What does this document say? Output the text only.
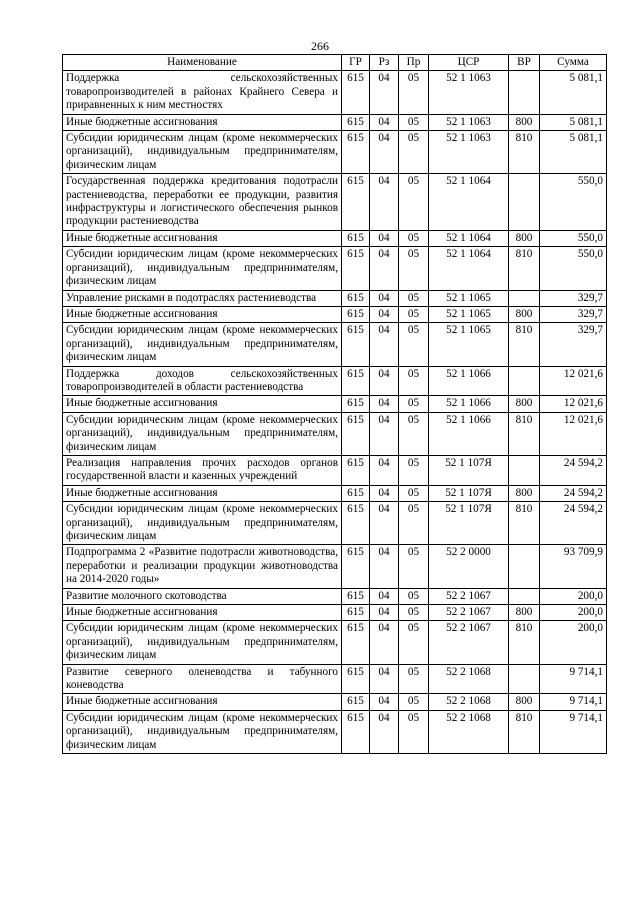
266
Наименование	ГР	Рз	Пр	ЦСР	ВР	Сумма
Поддержка сельскохозяйственных товаропроизводителей в районах Крайнего Севера и приравненных к ним местностях	615	04	05	52 1 1063		5 081,1
Иные бюджетные ассигнования	615	04	05	52 1 1063	800	5 081,1
Субсидии юридическим лицам (кроме некоммерческих организаций), индивидуальным предпринимателям, физическим лицам	615	04	05	52 1 1063	810	5 081,1
Государственная поддержка кредитования подотрасли растениеводства, переработки ее продукции, развития инфраструктуры и логистического обеспечения рынков продукции растениеводства	615	04	05	52 1 1064		550,0
Иные бюджетные ассигнования	615	04	05	52 1 1064	800	550,0
Субсидии юридическим лицам (кроме некоммерческих организаций), индивидуальным предпринимателям, физическим лицам	615	04	05	52 1 1064	810	550,0
Управление рисками в подотраслях растениеводства	615	04	05	52 1 1065		329,7
Иные бюджетные ассигнования	615	04	05	52 1 1065	800	329,7
Субсидии юридическим лицам (кроме некоммерческих организаций), индивидуальным предпринимателям, физическим лицам	615	04	05	52 1 1065	810	329,7
Поддержка доходов сельскохозяйственных товаропроизводителей в области растениеводства	615	04	05	52 1 1066		12 021,6
Иные бюджетные ассигнования	615	04	05	52 1 1066	800	12 021,6
Субсидии юридическим лицам (кроме некоммерческих организаций), индивидуальным предпринимателям, физическим лицам	615	04	05	52 1 1066	810	12 021,6
Реализация направления прочих расходов органов государственной власти и казенных учреждений	615	04	05	52 1 107Я		24 594,2
Иные бюджетные ассигнования	615	04	05	52 1 107Я	800	24 594,2
Субсидии юридическим лицам (кроме некоммерческих организаций), индивидуальным предпринимателям, физическим лицам	615	04	05	52 1 107Я	810	24 594,2
Подпрограмма 2 «Развитие подотрасли животноводства, переработки и реализации продукции животноводства на 2014-2020 годы»	615	04	05	52 2 0000		93 709,9
Развитие молочного скотоводства	615	04	05	52 2 1067		200,0
Иные бюджетные ассигнования	615	04	05	52 2 1067	800	200,0
Субсидии юридическим лицам (кроме некоммерческих организаций), индивидуальным предпринимателям, физическим лицам	615	04	05	52 2 1067	810	200,0
Развитие северного оленеводства и табунного коневодства	615	04	05	52 2 1068		9 714,1
Иные бюджетные ассигнования	615	04	05	52 2 1068	800	9 714,1
Субсидии юридическим лицам (кроме некоммерческих организаций), индивидуальным предпринимателям, физическим лицам	615	04	05	52 2 1068	810	9 714,1
